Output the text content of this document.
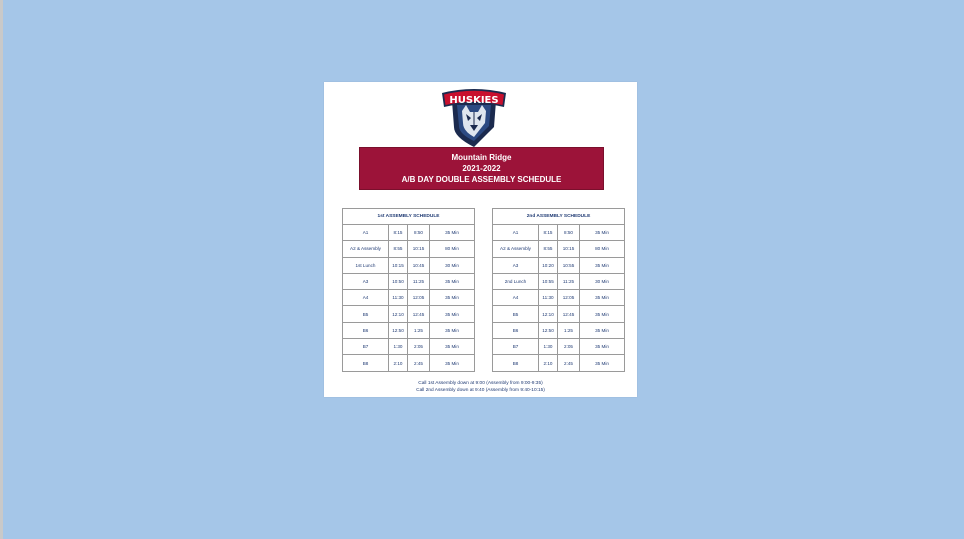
HUSKIES
Mountain Ridge
2021-2022
A/B DAY DOUBLE ASSEMBLY SCHEDULE
1st ASSEMBLY SCHEDULE			
A1	8:15	8:50	35 Min
A2 & Assembly	8:55	10:15	80 Min
1st Lunch	10:15	10:45	30 Min
A3	10:50	11:25	35 Min
A4	11:30	12:05	35 Min
B5	12:10	12:45	35 Min
B6	12:50	1:25	35 Min
B7	1:30	2:05	35 Min
B8	2:10	2:45	35 Min
2nd ASSEMBLY SCHEDULE			
A1	8:15	8:50	35 Min
A2 & Assembly	8:55	10:15	80 Min
A3	10:20	10:55	35 Min
2nd Lunch	10:55	11:25	30 Min
A4	11:30	12:05	35 Min
B5	12:10	12:45	35 Min
B6	12:50	1:25	35 Min
B7	1:30	2:05	35 Min
B8	2:10	2:45	35 Min
Call 1st Assembly down at 9:00 (Assembly from 9:00-9:35)
Call 2nd Assembly down at 9:40 (Assembly from 9:40-10:15)
